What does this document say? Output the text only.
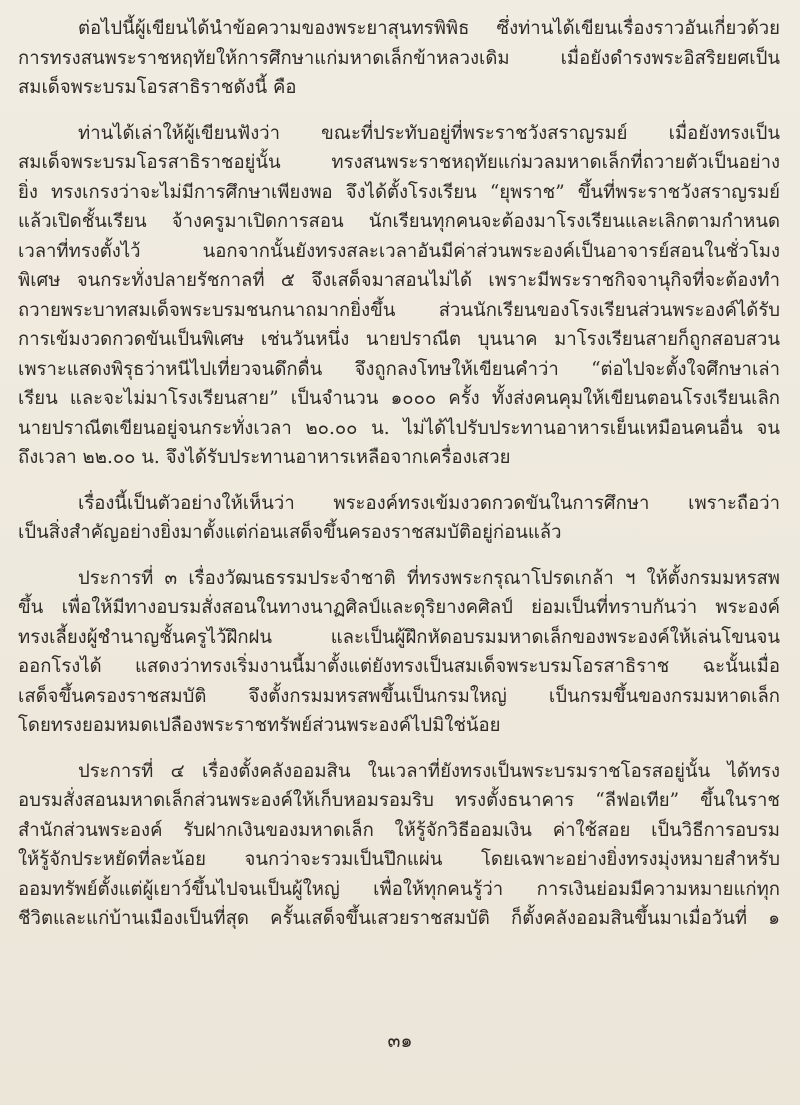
ต่อไปนี้ผู้เขียนได้นำข้อความของพระยาสุนทรพิพิธ ซึ่งท่านได้เขียนเรื่องราวอันเกี่ยวด้วย
การทรงสนพระราชหฤทัยให้การศึกษาแก่มหาดเล็กข้าหลวงเดิม เมื่อยังดำรงพระอิสริยยศเป็น
สมเด็จพระบรมโอรสาธิราชดังนี้ คือ
ท่านได้เล่าให้ผู้เขียนฟังว่า ขณะที่ประทับอยู่ที่พระราชวังสราญรมย์ เมื่อยังทรงเป็น
สมเด็จพระบรมโอรสาธิราชอยู่นั้น ทรงสนพระราชหฤทัยแก่มวลมหาดเล็กที่ถวายตัวเป็นอย่าง
ยิ่ง ทรงเกรงว่าจะไม่มีการศึกษาเพียงพอ จึงได้ตั้งโรงเรียน “ยุพราช” ขึ้นที่พระราชวังสราญรมย์
แล้วเปิดชั้นเรียน จ้างครูมาเปิดการสอน นักเรียนทุกคนจะต้องมาโรงเรียนและเลิกตามกำหนด
เวลาที่ทรงตั้งไว้ นอกจากนั้นยังทรงสละเวลาอันมีค่าส่วนพระองค์เป็นอาจารย์สอนในชั่วโมง
พิเศษ จนกระทั่งปลายรัชกาลที่ ๕ จึงเสด็จมาสอนไม่ได้ เพราะมีพระราชกิจจานุกิจที่จะต้องทำ
ถวายพระบาทสมเด็จพระบรมชนกนาถมากยิ่งขึ้น ส่วนนักเรียนของโรงเรียนส่วนพระองค์ได้รับ
การเข้มงวดกวดขันเป็นพิเศษ เช่นวันหนึ่ง นายปราณีต บุนนาค มาโรงเรียนสายก็ถูกสอบสวน
เพราะแสดงพิรุธว่าหนีไปเที่ยวจนดึกดื่น จึงถูกลงโทษให้เขียนคำว่า “ต่อไปจะตั้งใจศึกษาเล่า
เรียน และจะไม่มาโรงเรียนสาย” เป็นจำนวน ๑๐๐๐ ครั้ง ทั้งส่งคนคุมให้เขียนตอนโรงเรียนเลิก
นายปราณีตเขียนอยู่จนกระทั่งเวลา ๒๐.๐๐ น. ไม่ได้ไปรับประทานอาหารเย็นเหมือนคนอื่น จน
ถึงเวลา ๒๒.๐๐ น. จึงได้รับประทานอาหารเหลือจากเครื่องเสวย
เรื่องนี้เป็นตัวอย่างให้เห็นว่า พระองค์ทรงเข้มงวดกวดขันในการศึกษา เพราะถือว่า
เป็นสิ่งสำคัญอย่างยิ่งมาตั้งแต่ก่อนเสด็จขึ้นครองราชสมบัติอยู่ก่อนแล้ว
ประการที่ ๓ เรื่องวัฒนธรรมประจำชาติ ที่ทรงพระกรุณาโปรดเกล้า ฯ ให้ตั้งกรมมหรสพ
ขึ้น เพื่อให้มีทางอบรมสั่งสอนในทางนาฏศิลป์และดุริยางคศิลป์ ย่อมเป็นที่ทราบกันว่า พระองค์
ทรงเลี้ยงผู้ชำนาญชั้นครูไว้ฝึกฝน และเป็นผู้ฝึกหัดอบรมมหาดเล็กของพระองค์ให้เล่นโขนจน
ออกโรงได้ แสดงว่าทรงเริ่มงานนี้มาตั้งแต่ยังทรงเป็นสมเด็จพระบรมโอรสาธิราช ฉะนั้นเมื่อ
เสด็จขึ้นครองราชสมบัติ จึงตั้งกรมมหรสพขึ้นเป็นกรมใหญ่ เป็นกรมขึ้นของกรมมหาดเล็ก
โดยทรงยอมหมดเปลืองพระราชทรัพย์ส่วนพระองค์ไปมิใช่น้อย
ประการที่ ๔ เรื่องตั้งคลังออมสิน ในเวลาที่ยังทรงเป็นพระบรมราชโอรสอยู่นั้น ได้ทรง
อบรมสั่งสอนมหาดเล็กส่วนพระองค์ให้เก็บหอมรอมริบ ทรงตั้งธนาคาร “ลีฟอเทีย” ขึ้นในราช
สำนักส่วนพระองค์ รับฝากเงินของมหาดเล็ก ให้รู้จักวิธีออมเงิน ค่าใช้สอย เป็นวิธีการอบรม
ให้รู้จักประหยัดที่ละน้อย จนกว่าจะรวมเป็นปึกแผ่น โดยเฉพาะอย่างยิ่งทรงมุ่งหมายสำหรับ
ออมทรัพย์ตั้งแต่ผู้เยาว์ขึ้นไปจนเป็นผู้ใหญ่ เพื่อให้ทุกคนรู้ว่า การเงินย่อมมีความหมายแก่ทุก
ชีวิตและแก่บ้านเมืองเป็นที่สุด ครั้นเสด็จขึ้นเสวยราชสมบัติ ก็ตั้งคลังออมสินขึ้นมาเมื่อวันที่ ๑
๓๑
